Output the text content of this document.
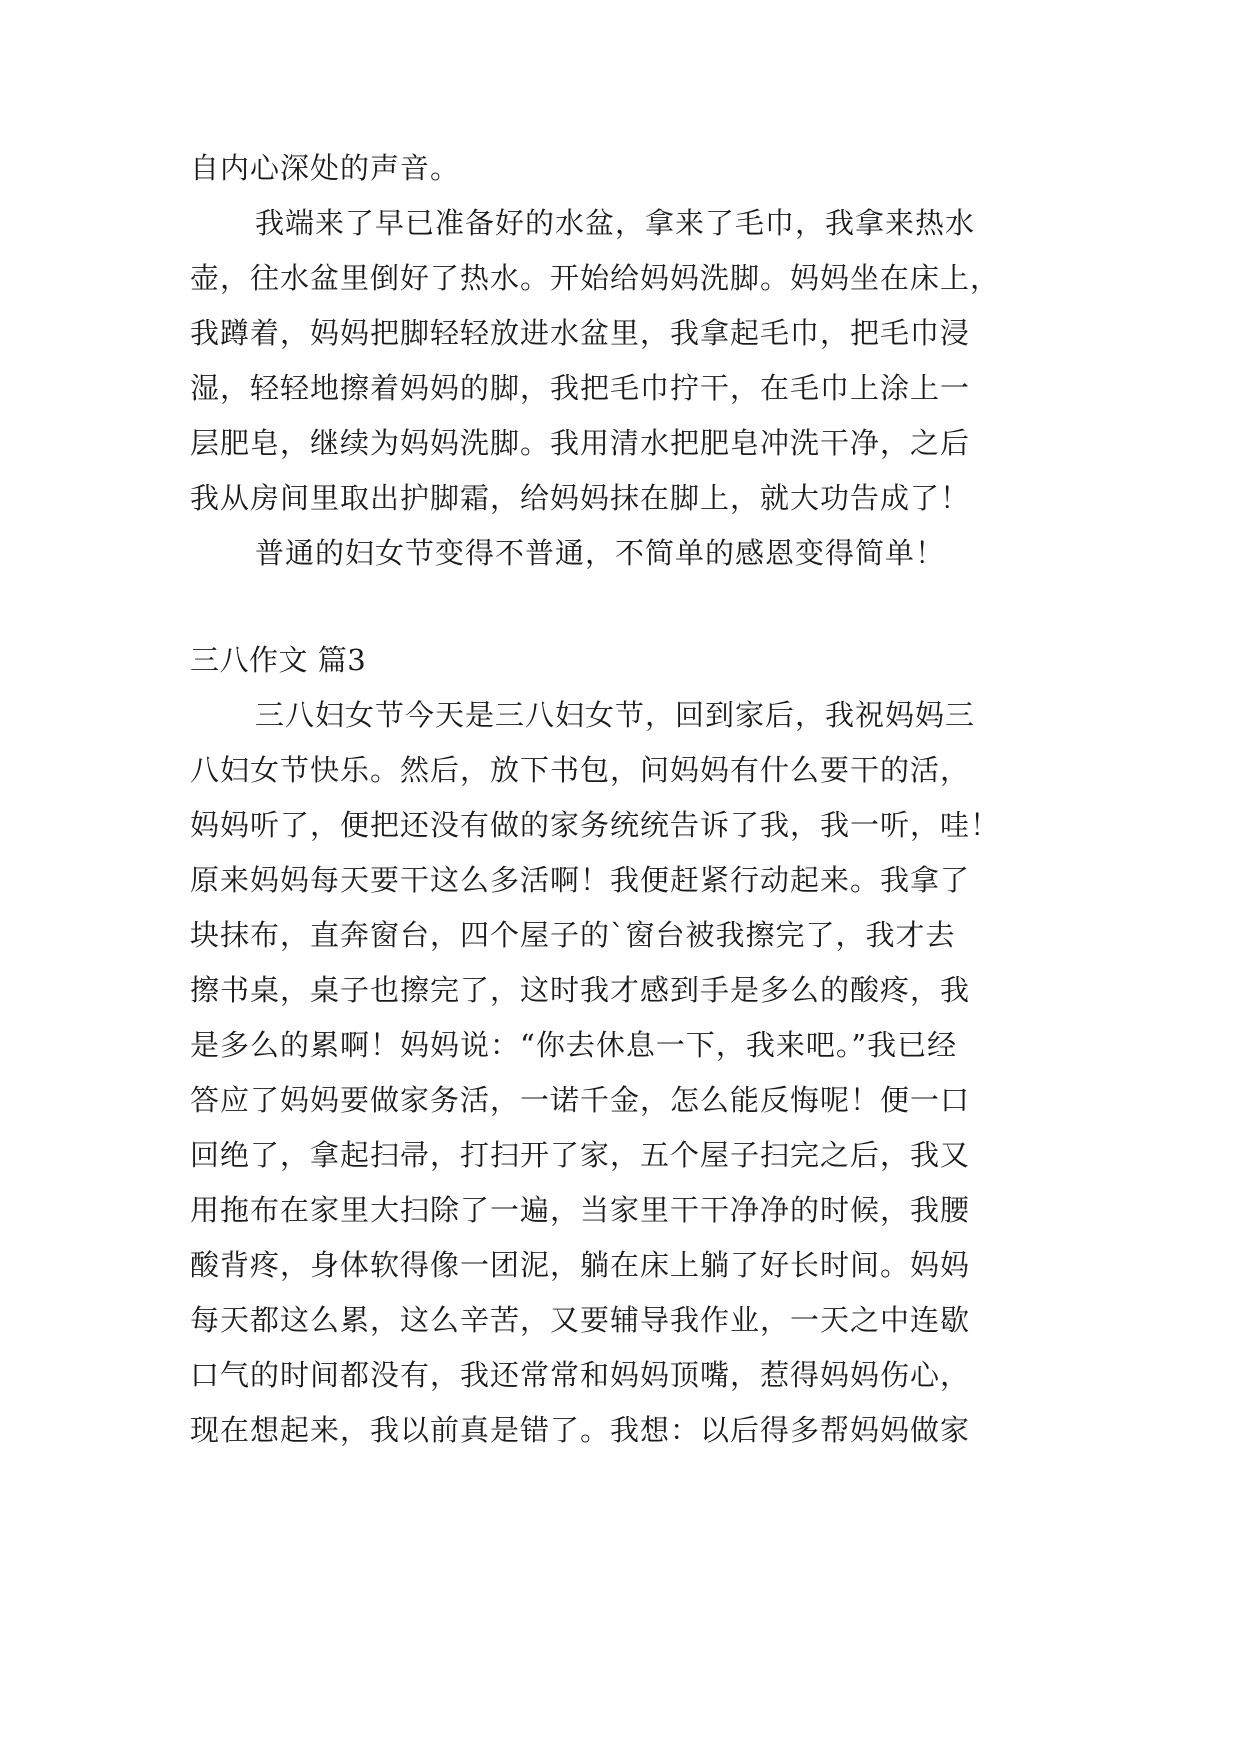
自内心深处的声音。
我端来了早已准备好的水盆，拿来了毛巾，我拿来热水
壶，往水盆里倒好了热水。开始给妈妈洗脚。妈妈坐在床上，
我蹲着，妈妈把脚轻轻放进水盆里，我拿起毛巾，把毛巾浸
湿，轻轻地擦着妈妈的脚，我把毛巾拧干，在毛巾上涂上一
层肥皂，继续为妈妈洗脚。我用清水把肥皂冲洗干净，之后
我从房间里取出护脚霜，给妈妈抹在脚上，就大功告成了！
普通的妇女节变得不普通，不简单的感恩变得简单！
三八作文 篇3
三八妇女节今天是三八妇女节，回到家后，我祝妈妈三
八妇女节快乐。然后，放下书包，问妈妈有什么要干的活，
妈妈听了，便把还没有做的家务统统告诉了我，我一听，哇！
原来妈妈每天要干这么多活啊！我便赶紧行动起来。我拿了
块抹布，直奔窗台，四个屋子的`窗台被我擦完了，我才去
擦书桌，桌子也擦完了，这时我才感到手是多么的酸疼，我
是多么的累啊！妈妈说：“你去休息一下，我来吧。”我已经
答应了妈妈要做家务活，一诺千金，怎么能反悔呢！便一口
回绝了，拿起扫帚，打扫开了家，五个屋子扫完之后，我又
用拖布在家里大扫除了一遍，当家里干干净净的时候，我腰
酸背疼，身体软得像一团泥，躺在床上躺了好长时间。妈妈
每天都这么累，这么辛苦，又要辅导我作业，一天之中连歇
口气的时间都没有，我还常常和妈妈顶嘴，惹得妈妈伤心，
现在想起来，我以前真是错了。我想：以后得多帮妈妈做家
